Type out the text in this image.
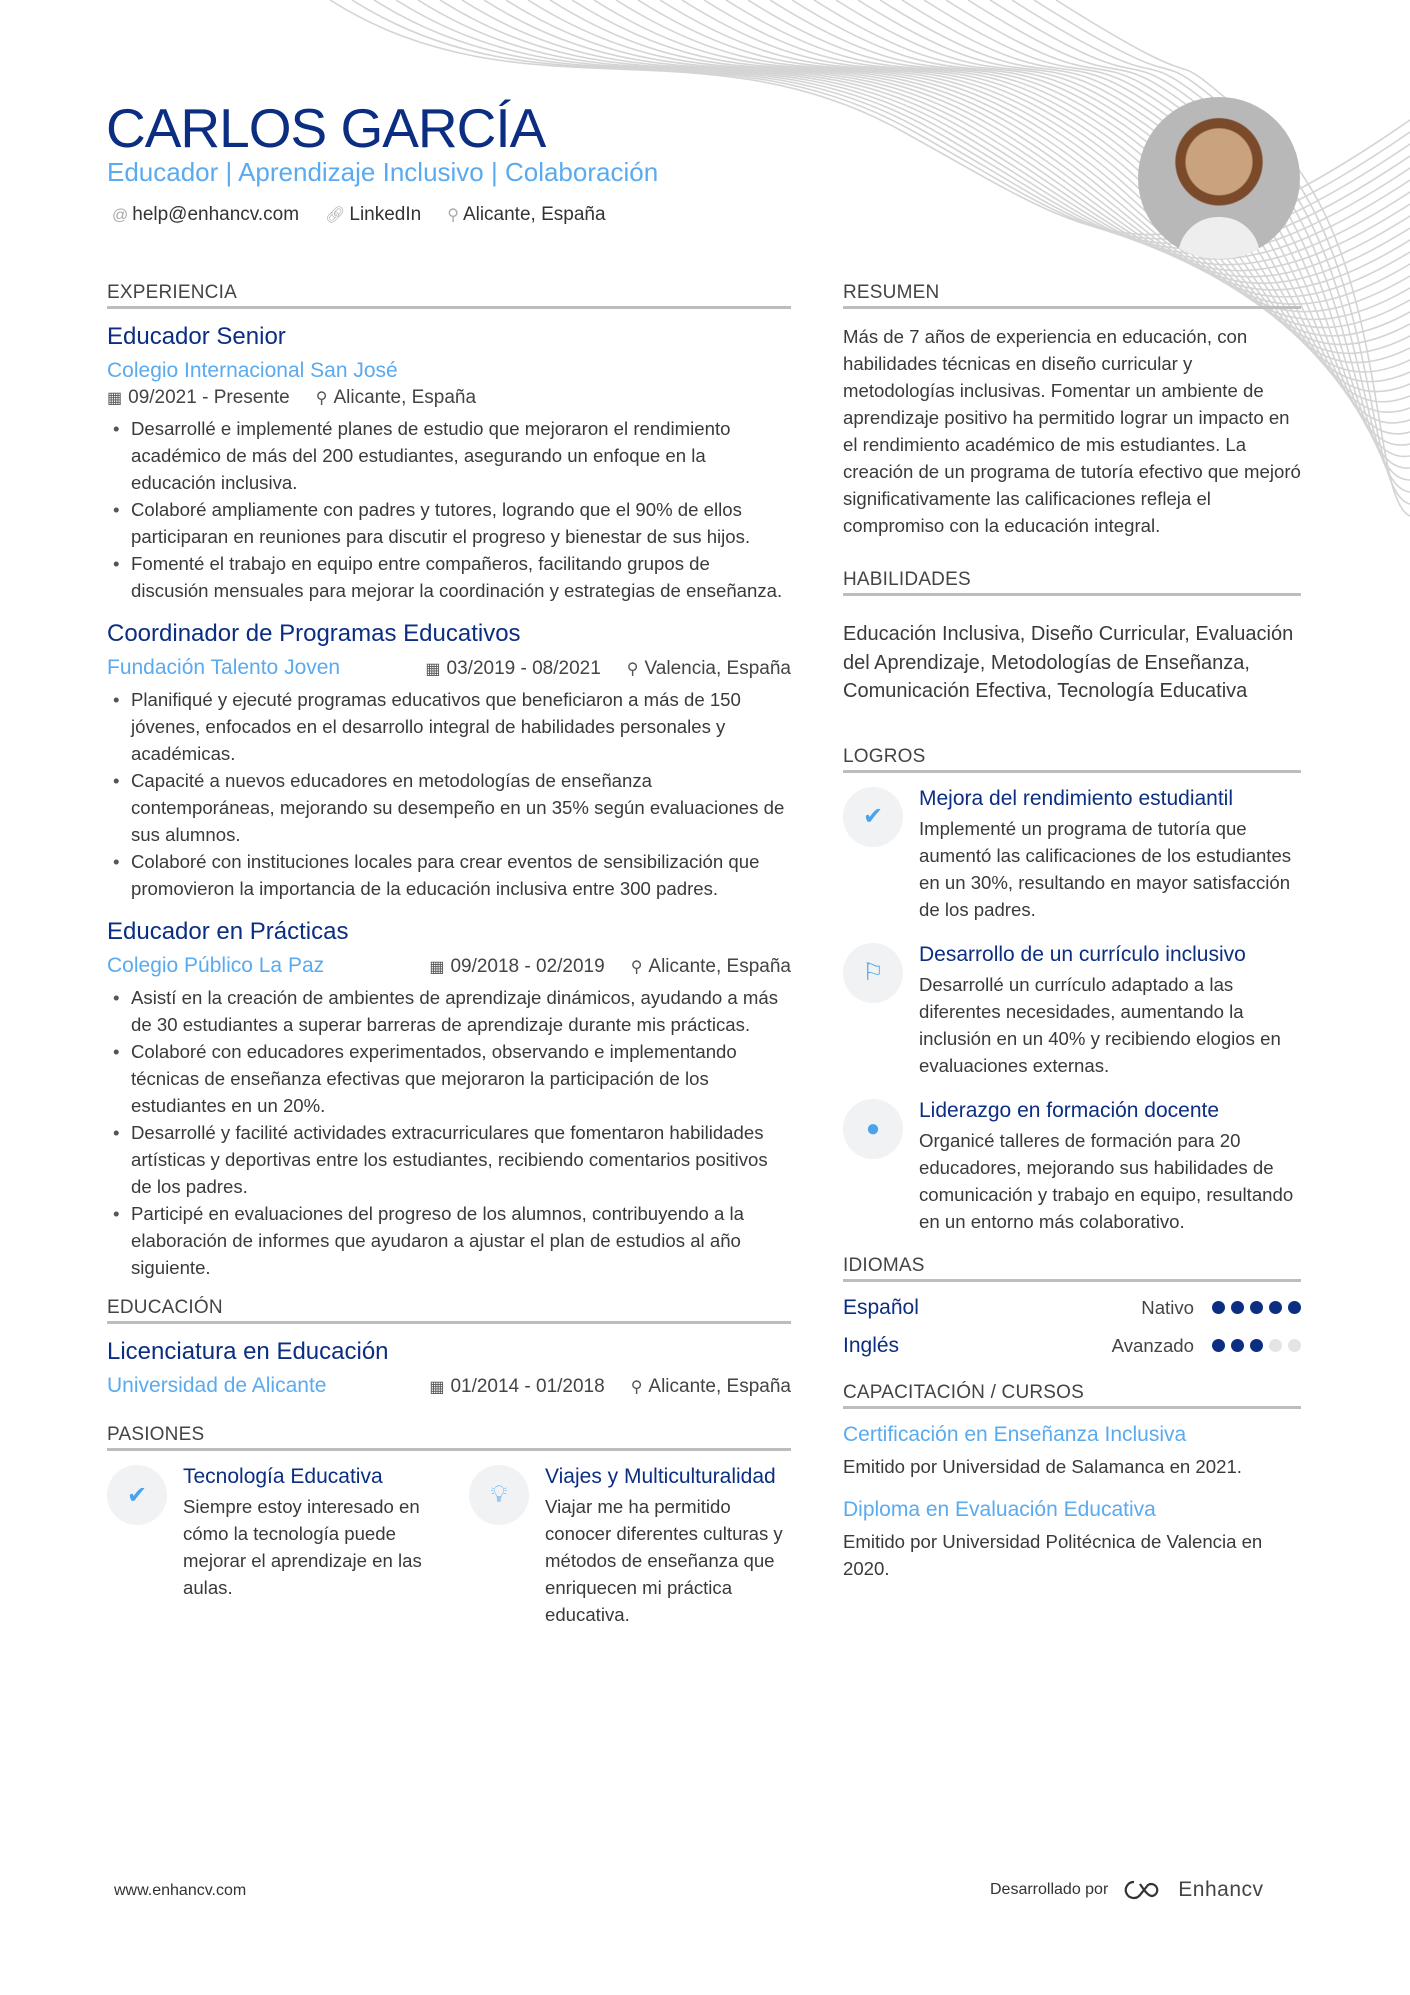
CARLOS GARCÍA
Educador | Aprendizaje Inclusivo | Colaboración
@ help@enhancv.com 🔗︎ LinkedIn ⚲ Alicante, España
EXPERIENCIA
Educador Senior
Colegio Internacional San José
▦ 09/2021 - Presente ⚲ Alicante, España
• Desarrollé e implementé planes de estudio que mejoraron el rendimiento académico de más del 200 estudiantes, asegurando un enfoque en la educación inclusiva.
• Colaboré ampliamente con padres y tutores, logrando que el 90% de ellos participaran en reuniones para discutir el progreso y bienestar de sus hijos.
• Fomenté el trabajo en equipo entre compañeros, facilitando grupos de discusión mensuales para mejorar la coordinación y estrategias de enseñanza.
Coordinador de Programas Educativos
Fundación Talento Joven	▦ 03/2019 - 08/2021 ⚲ Valencia, España
• Planifiqué y ejecuté programas educativos que beneficiaron a más de 150 jóvenes, enfocados en el desarrollo integral de habilidades personales y académicas.
• Capacité a nuevos educadores en metodologías de enseñanza contemporáneas, mejorando su desempeño en un 35% según evaluaciones de sus alumnos.
• Colaboré con instituciones locales para crear eventos de sensibilización que promovieron la importancia de la educación inclusiva entre 300 padres.
Educador en Prácticas
Colegio Público La Paz	▦ 09/2018 - 02/2019 ⚲ Alicante, España
• Asistí en la creación de ambientes de aprendizaje dinámicos, ayudando a más de 30 estudiantes a superar barreras de aprendizaje durante mis prácticas.
• Colaboré con educadores experimentados, observando e implementando técnicas de enseñanza efectivas que mejoraron la participación de los estudiantes en un 20%.
• Desarrollé y facilité actividades extracurriculares que fomentaron habilidades artísticas y deportivas entre los estudiantes, recibiendo comentarios positivos de los padres.
• Participé en evaluaciones del progreso de los alumnos, contribuyendo a la elaboración de informes que ayudaron a ajustar el plan de estudios al año siguiente.
EDUCACIÓN
Licenciatura en Educación
Universidad de Alicante	▦ 01/2014 - 01/2018 ⚲ Alicante, España
PASIONES
✔
Tecnología Educativa
Siempre estoy interesado en cómo la tecnología puede mejorar el aprendizaje en las aulas.
💡︎
Viajes y Multiculturalidad
Viajar me ha permitido conocer diferentes culturas y métodos de enseñanza que enriquecen mi práctica educativa.
RESUMEN
Más de 7 años de experiencia en educación, con habilidades técnicas en diseño curricular y metodologías inclusivas. Fomentar un ambiente de aprendizaje positivo ha permitido lograr un impacto en el rendimiento académico de mis estudiantes. La creación de un programa de tutoría efectivo que mejoró significativamente las calificaciones refleja el compromiso con la educación integral.
HABILIDADES
Educación Inclusiva, Diseño Curricular, Evaluación del Aprendizaje, Metodologías de Enseñanza, Comunicación Efectiva, Tecnología Educativa
LOGROS
✔
Mejora del rendimiento estudiantil
Implementé un programa de tutoría que aumentó las calificaciones de los estudiantes en un 30%, resultando en mayor satisfacción de los padres.
⚐
Desarrollo de un currículo inclusivo
Desarrollé un currículo adaptado a las diferentes necesidades, aumentando la inclusión en un 40% y recibiendo elogios en evaluaciones externas.
●
Liderazgo en formación docente
Organicé talleres de formación para 20 educadores, mejorando sus habilidades de comunicación y trabajo en equipo, resultando en un entorno más colaborativo.
IDIOMAS
Español	Nativo
Inglés	Avanzado
CAPACITACIÓN / CURSOS
Certificación en Enseñanza Inclusiva
Emitido por Universidad de Salamanca en 2021.
Diploma en Evaluación Educativa
Emitido por Universidad Politécnica de Valencia en 2020.
www.enhancv.com	Desarrollado por	Enhancv
